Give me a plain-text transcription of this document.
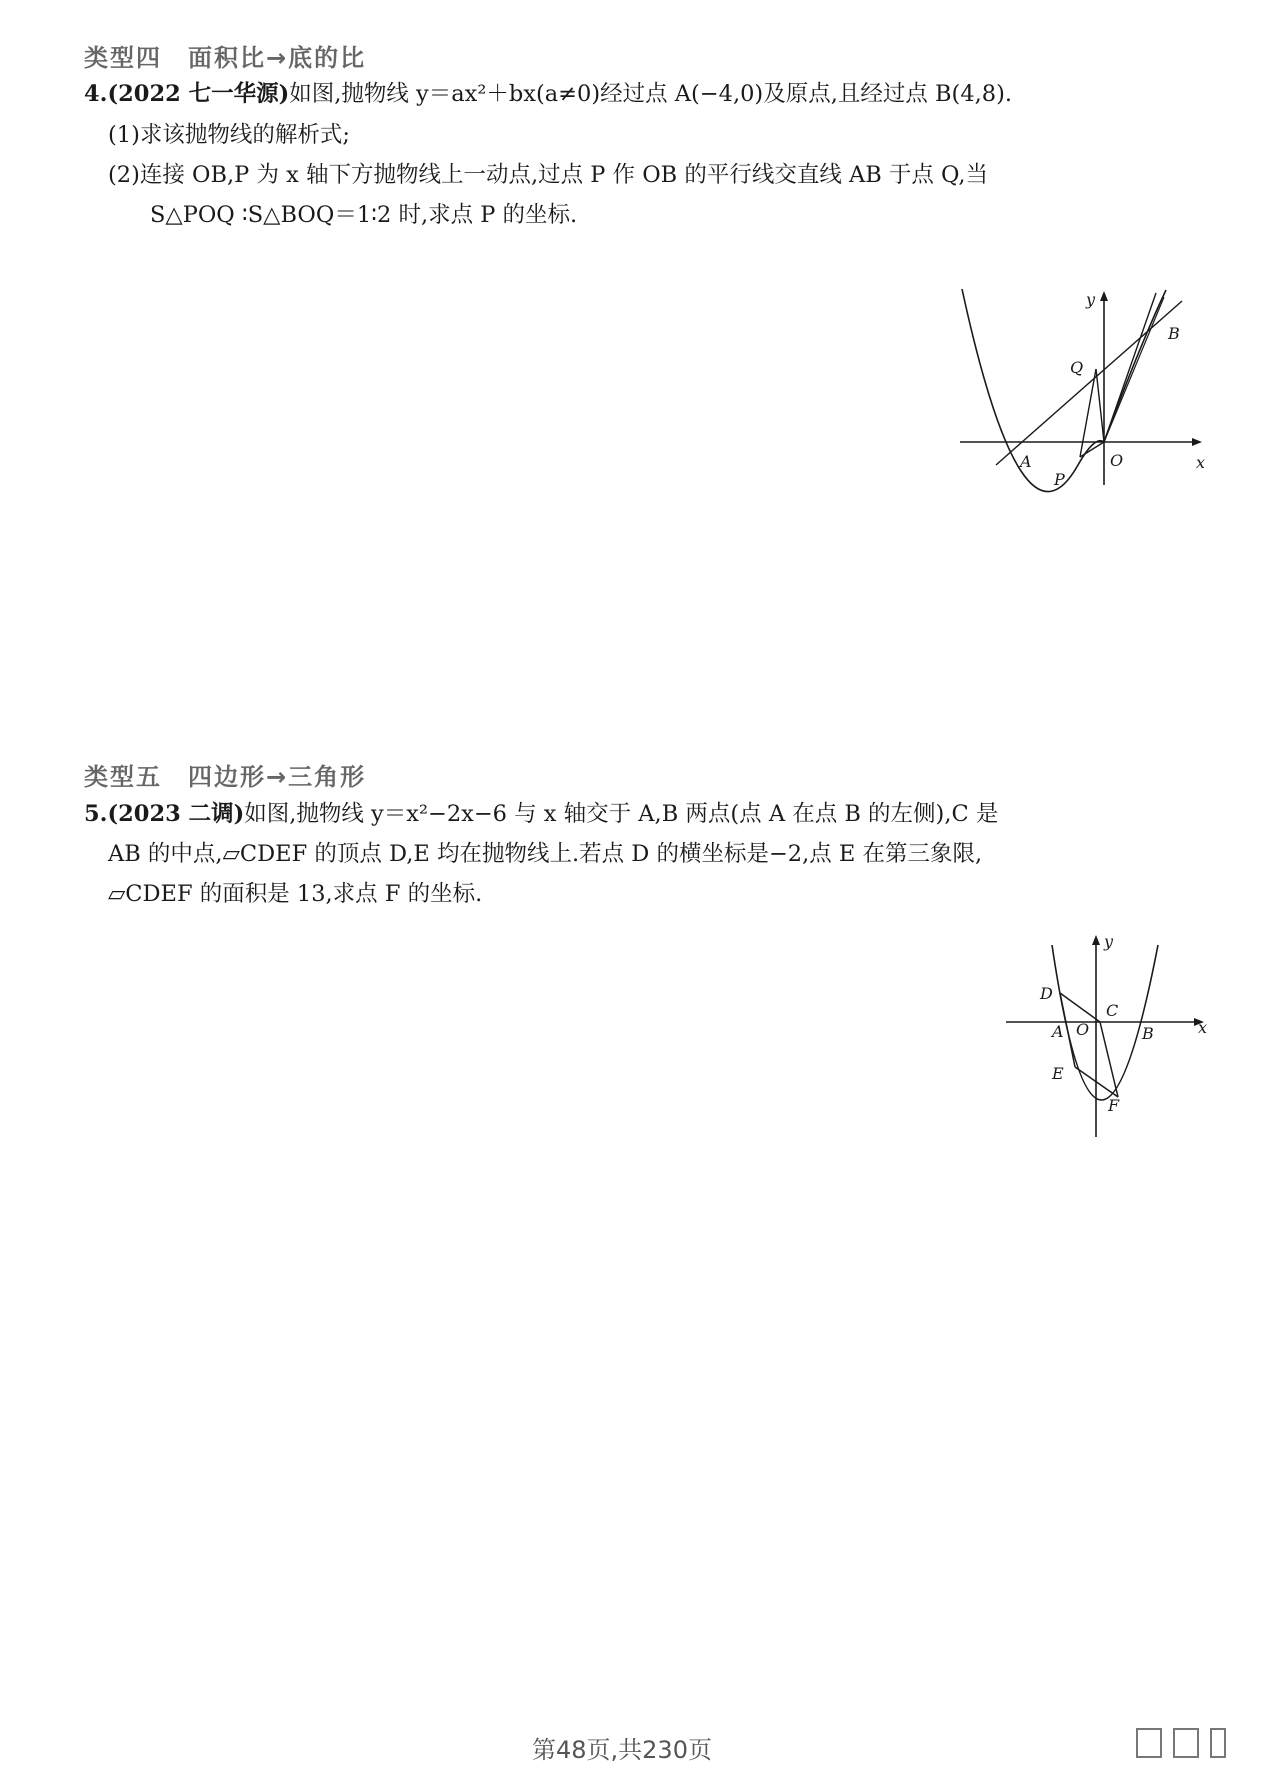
类型四　面积比→底的比
4.(2022 七一华源)如图,抛物线 y＝ax²＋bx(a≠0)经过点 A(−4,0)及原点,且经过点 B(4,8).
(1)求该抛物线的解析式;
(2)连接 OB,P 为 x 轴下方抛物线上一动点,过点 P 作 OB 的平行线交直线 AB 于点 Q,当
S△POQ ∶S△BOQ＝1∶2 时,求点 P 的坐标.
y
x
A	O
P
Q
B
类型五　四边形→三角形
5.(2023 二调)如图,抛物线 y＝x²−2x−6 与 x 轴交于 A,B 两点(点 A 在点 B 的左侧),C 是
AB 的中点,▱CDEF 的顶点 D,E 均在抛物线上.若点 D 的横坐标是−2,点 E 在第三象限,
▱CDEF 的面积是 13,求点 F 的坐标.
y
x
A O	B
C
D
E
F
第48页,共230页
